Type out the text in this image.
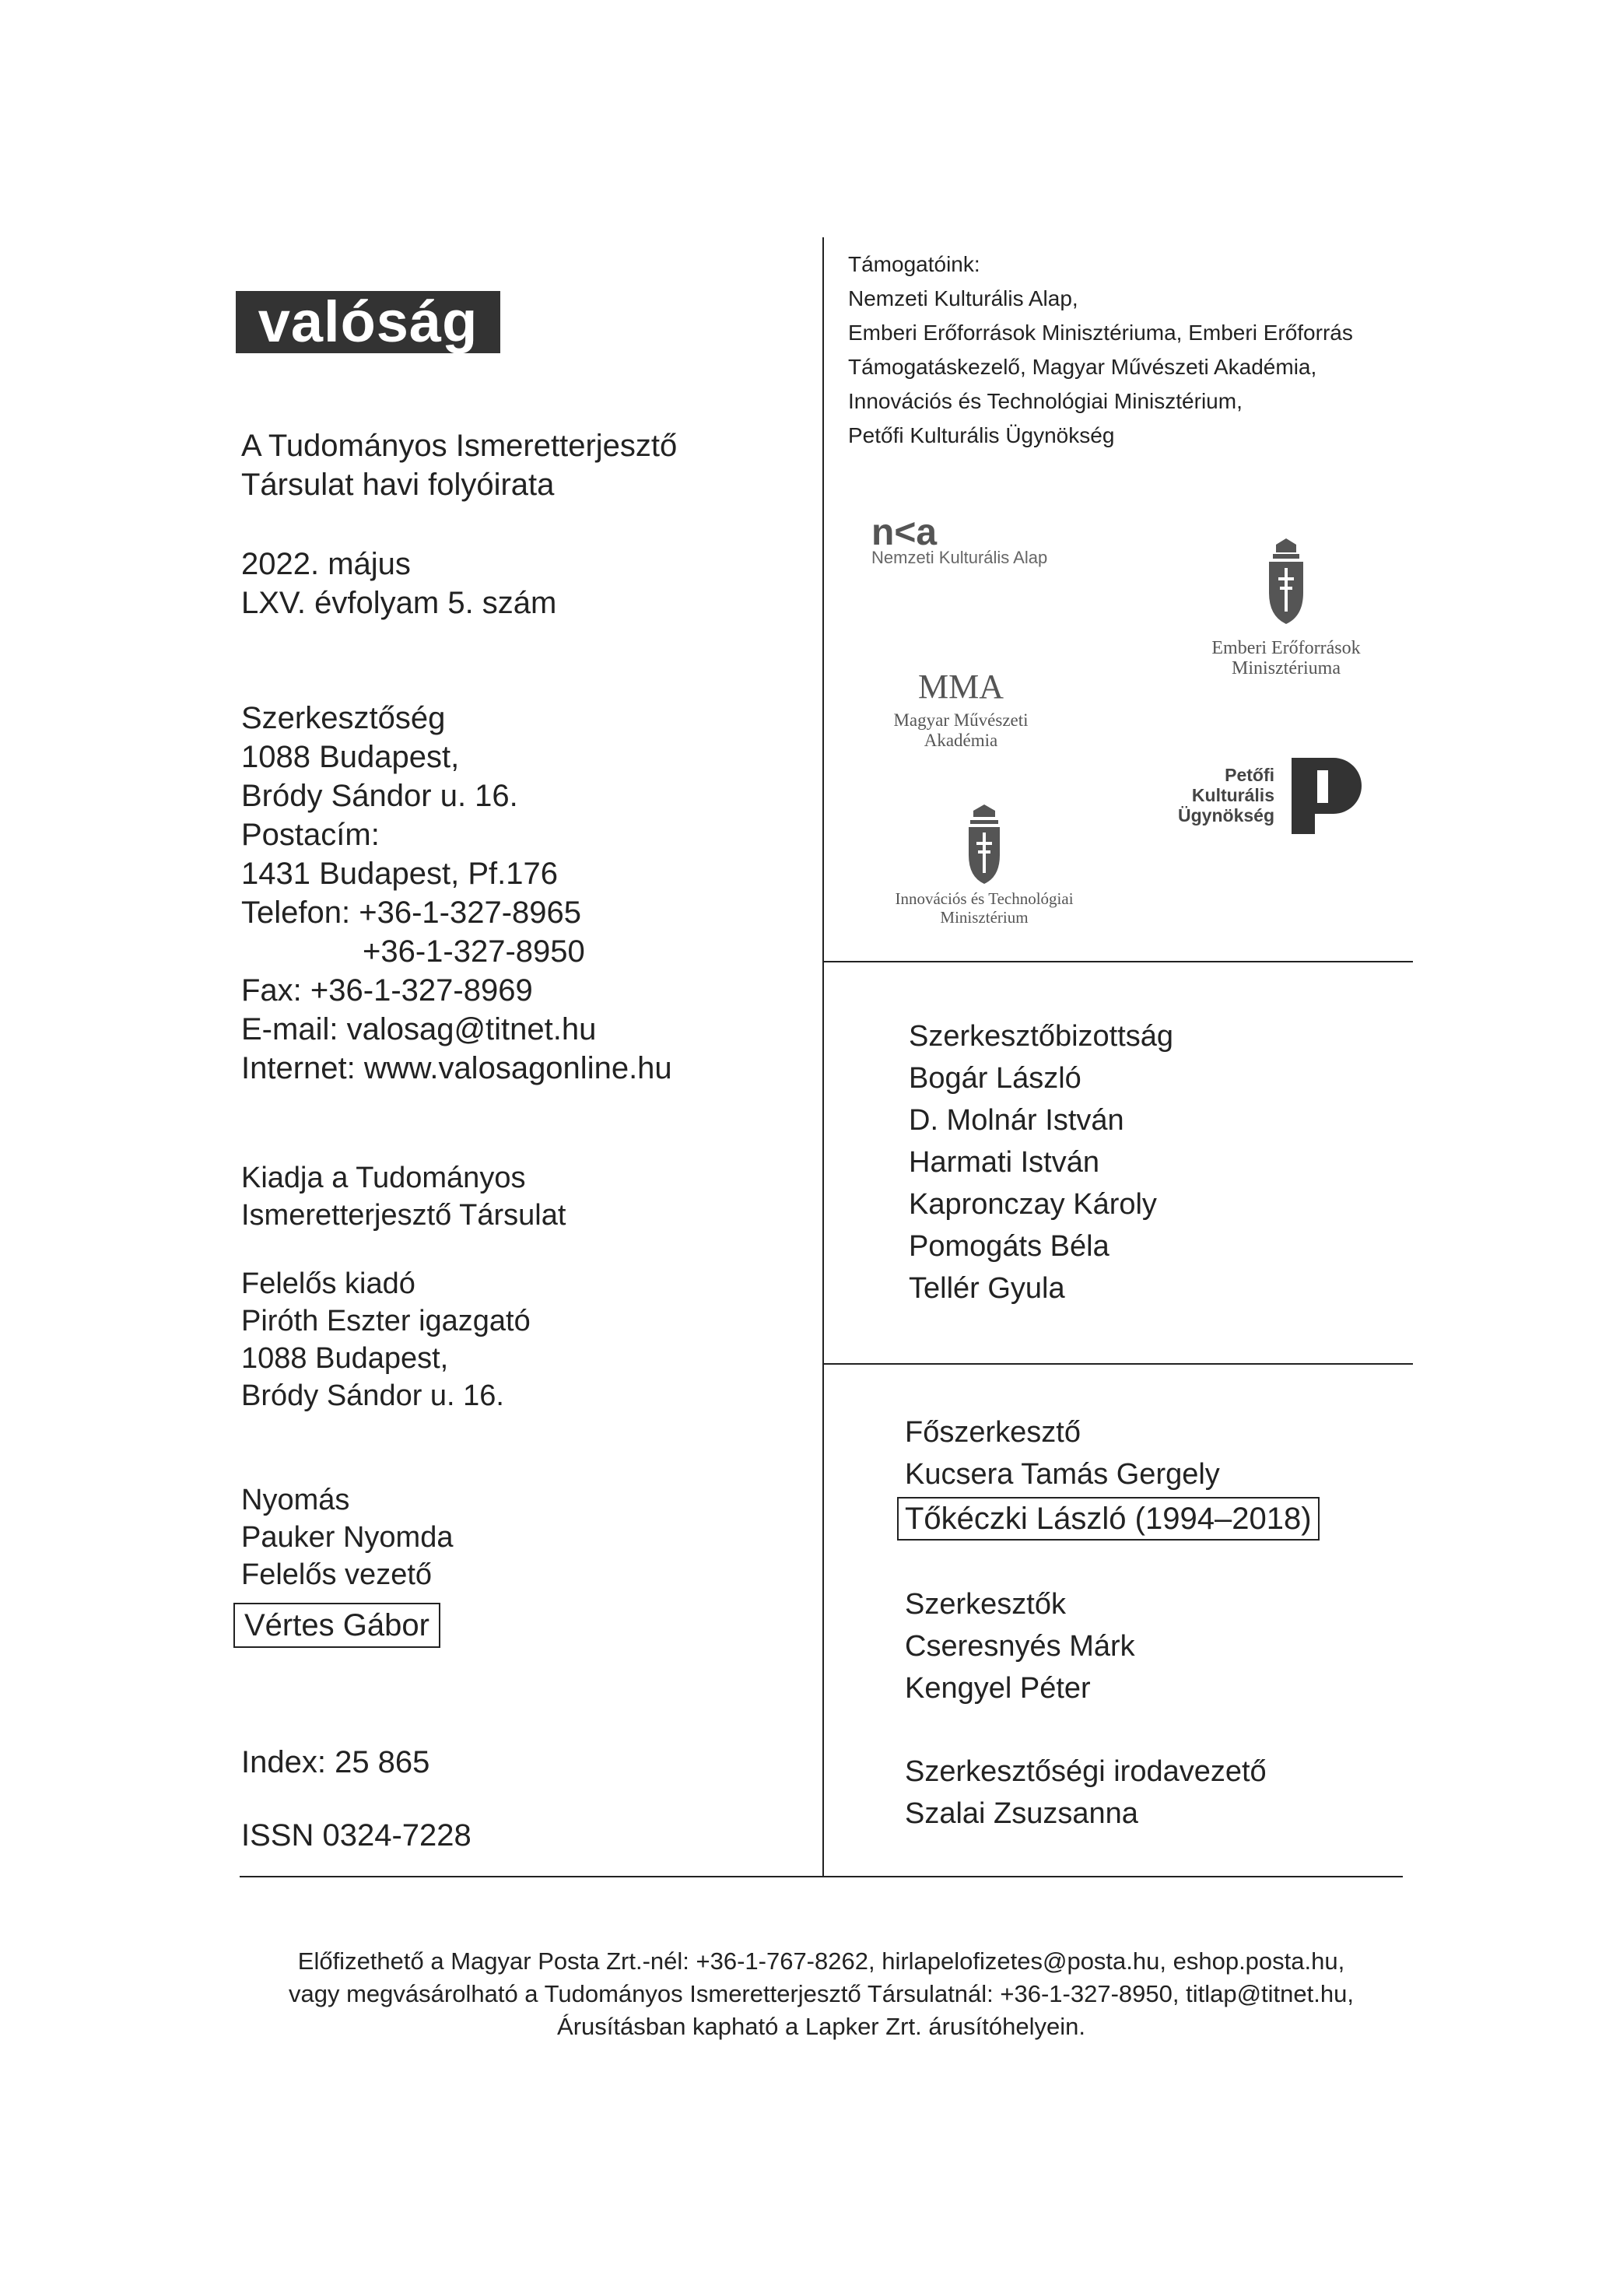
valóság
A Tudományos Ismeretterjesztő
Társulat havi folyóirata
2022. május
LXV. évfolyam 5. szám
Szerkesztőség
1088 Budapest,
Bródy Sándor u. 16.
Postacím:
1431 Budapest, Pf.176
Telefon: +36-1-327-8965
+36-1-327-8950
Fax: +36-1-327-8969
E-mail: valosag@titnet.hu
Internet: www.valosagonline.hu
Kiadja a Tudományos
Ismeretterjesztő Társulat
Felelős kiadó
Piróth Eszter igazgató
1088 Budapest,
Bródy Sándor u. 16.
Nyomás
Pauker Nyomda
Felelős vezető
Vértes Gábor
Index: 25 865
ISSN 0324-7228
Támogatóink:
Nemzeti Kulturális Alap,
Emberi Erőforrások Minisztériuma, Emberi Erőforrás
Támogatáskezelő, Magyar Művészeti Akadémia,
Innovációs és Technológiai Minisztérium,
Petőfi Kulturális Ügynökség
n<a
Nemzeti Kulturális Alap
Emberi Erőforrások
Minisztériuma
MMA
Magyar Művészeti
Akadémia
Petőfi
Kulturális
Ügynökség
Innovációs és Technológiai
Minisztérium
Szerkesztőbizottság
Bogár László
D. Molnár István
Harmati István
Kapronczay Károly
Pomogáts Béla
Tellér Gyula
Főszerkesztő
Kucsera Tamás Gergely
Tőkéczki László (1994–2018)
Szerkesztők
Cseresnyés Márk
Kengyel Péter
Szerkesztőségi irodavezető
Szalai Zsuzsanna
Előfizethető a Magyar Posta Zrt.-nél: +36-1-767-8262, hirlapelofizetes@posta.hu, eshop.posta.hu,
vagy megvásárolható a Tudományos Ismeretterjesztő Társulatnál: +36-1-327-8950, titlap@titnet.hu,
Árusításban kapható a Lapker Zrt. árusítóhelyein.
